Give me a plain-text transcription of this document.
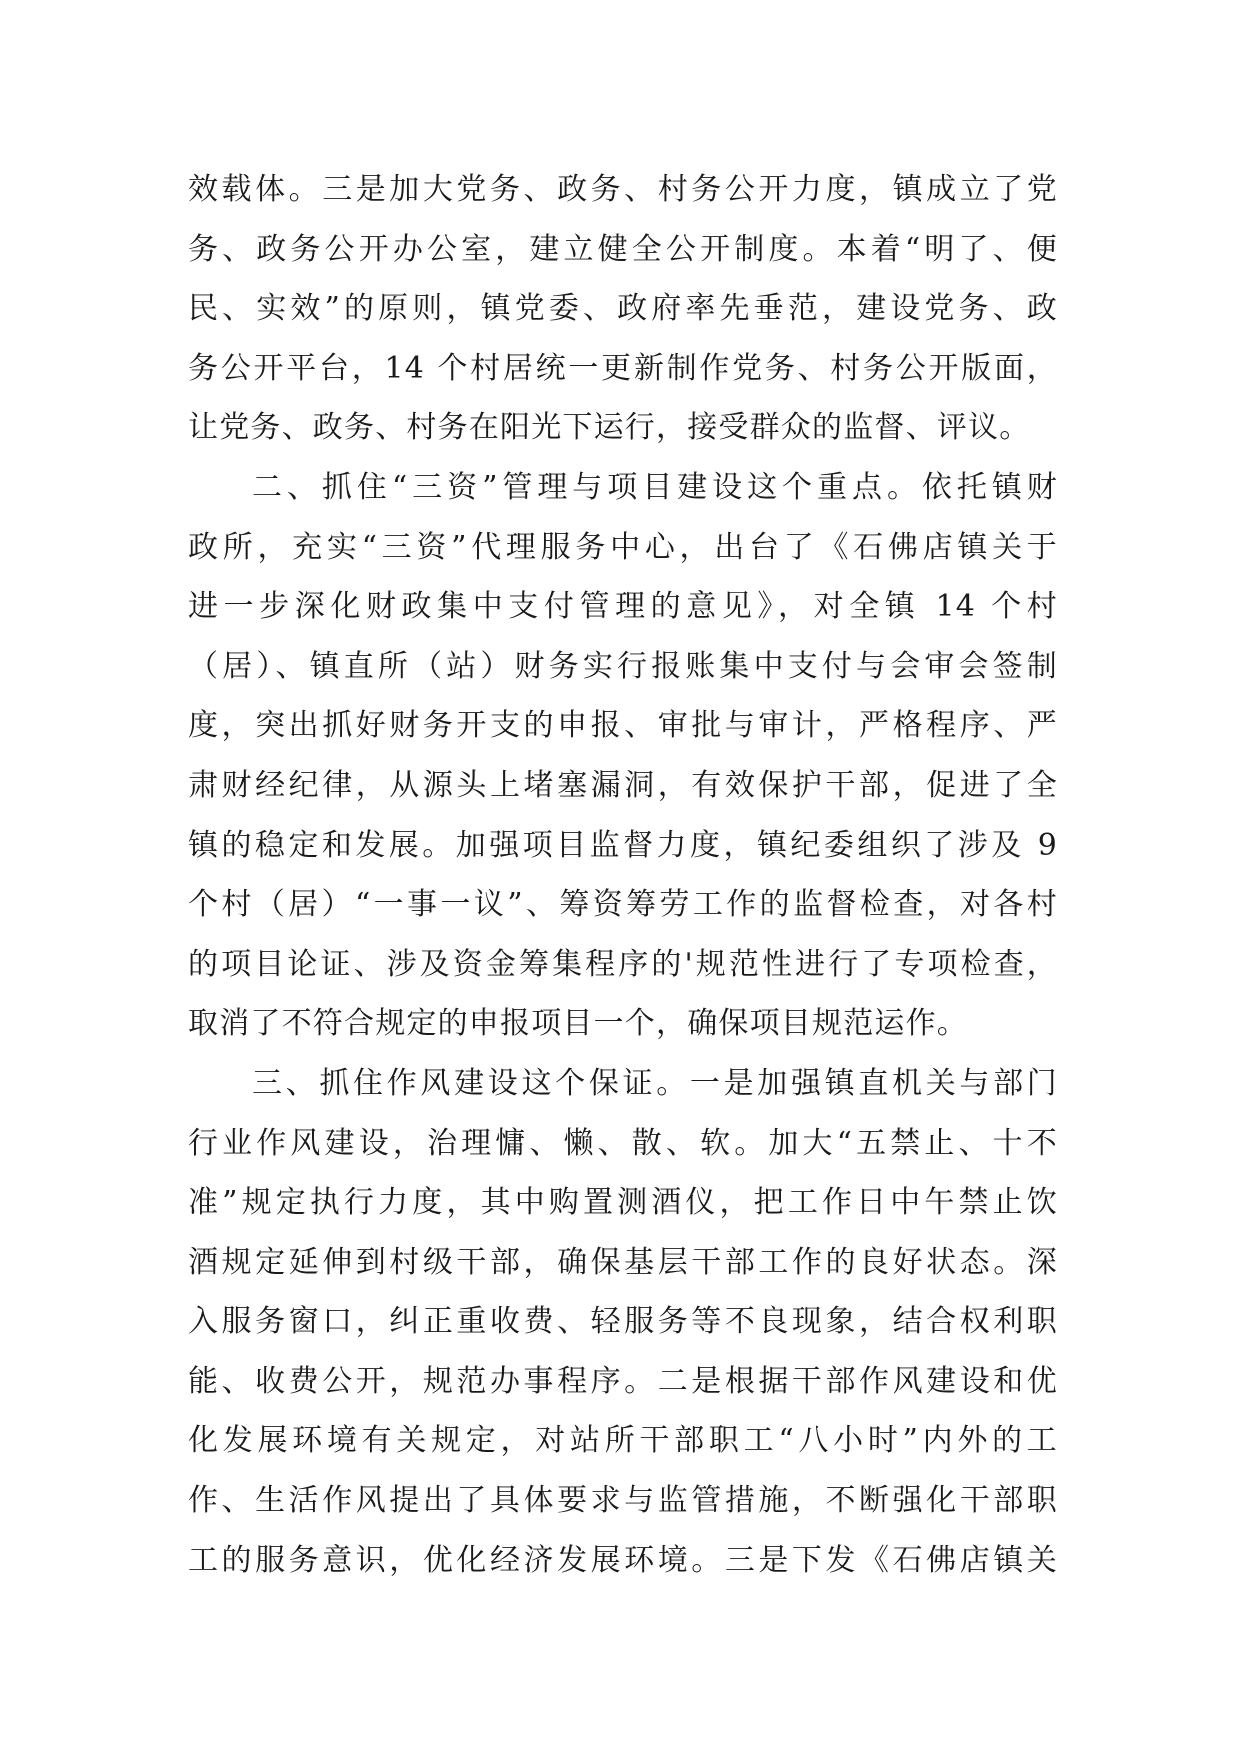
效载体。三是加大党务、政务、村务公开力度，镇成立了党
务、政务公开办公室，建立健全公开制度。本着“明了、便
民、实效”的原则，镇党委、政府率先垂范，建设党务、政
务公开平台，14 个村居统一更新制作党务、村务公开版面，
让党务、政务、村务在阳光下运行，接受群众的监督、评议。
二、抓住“三资”管理与项目建设这个重点。依托镇财
政所，充实“三资”代理服务中心，出台了《石佛店镇关于
进一步深化财政集中支付管理的意见》，对全镇 14 个村
（居）、镇直所（站）财务实行报账集中支付与会审会签制
度，突出抓好财务开支的申报、审批与审计，严格程序、严
肃财经纪律，从源头上堵塞漏洞，有效保护干部，促进了全
镇的稳定和发展。加强项目监督力度，镇纪委组织了涉及 9
个村（居）“一事一议”、筹资筹劳工作的监督检查，对各村
的项目论证、涉及资金筹集程序的'规范性进行了专项检查，
取消了不符合规定的申报项目一个，确保项目规范运作。
三、抓住作风建设这个保证。一是加强镇直机关与部门
行业作风建设，治理慵、懒、散、软。加大“五禁止、十不
准”规定执行力度，其中购置测酒仪，把工作日中午禁止饮
酒规定延伸到村级干部，确保基层干部工作的良好状态。深
入服务窗口，纠正重收费、轻服务等不良现象，结合权利职
能、收费公开，规范办事程序。二是根据干部作风建设和优
化发展环境有关规定，对站所干部职工“八小时”内外的工
作、生活作风提出了具体要求与监管措施，不断强化干部职
工的服务意识，优化经济发展环境。三是下发《石佛店镇关
